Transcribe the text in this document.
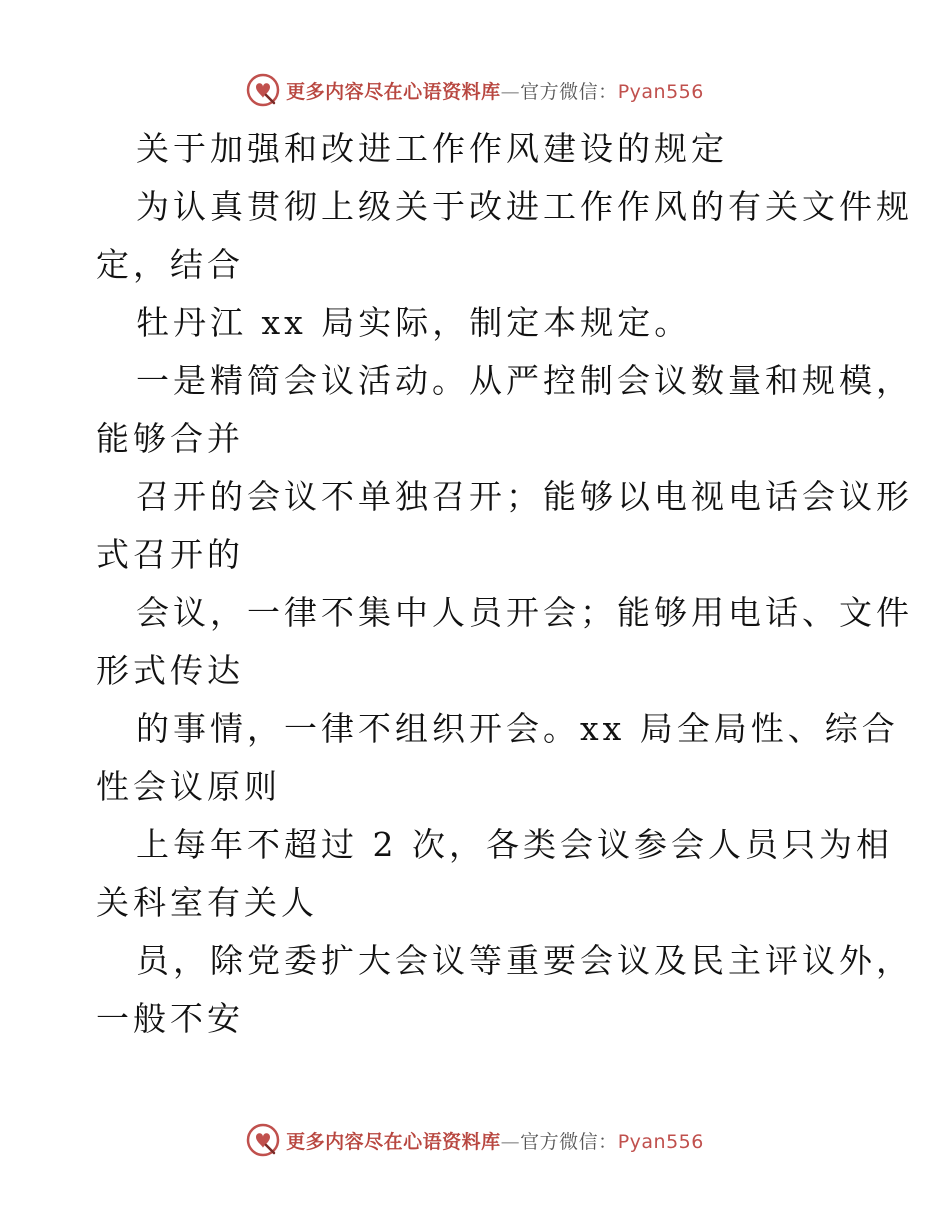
更多内容尽在心语资料库—官方微信：Pyan556
关于加强和改进工作作风建设的规定
为认真贯彻上级关于改进工作作风的有关文件规
定，结合
牡丹江 xx 局实际，制定本规定。
一是精简会议活动。从严控制会议数量和规模，
能够合并
召开的会议不单独召开；能够以电视电话会议形
式召开的
会议，一律不集中人员开会；能够用电话、文件
形式传达
的事情，一律不组织开会。xx 局全局性、综合
性会议原则
上每年不超过 2 次，各类会议参会人员只为相
关科室有关人
员，除党委扩大会议等重要会议及民主评议外，
一般不安
更多内容尽在心语资料库—官方微信：Pyan556
